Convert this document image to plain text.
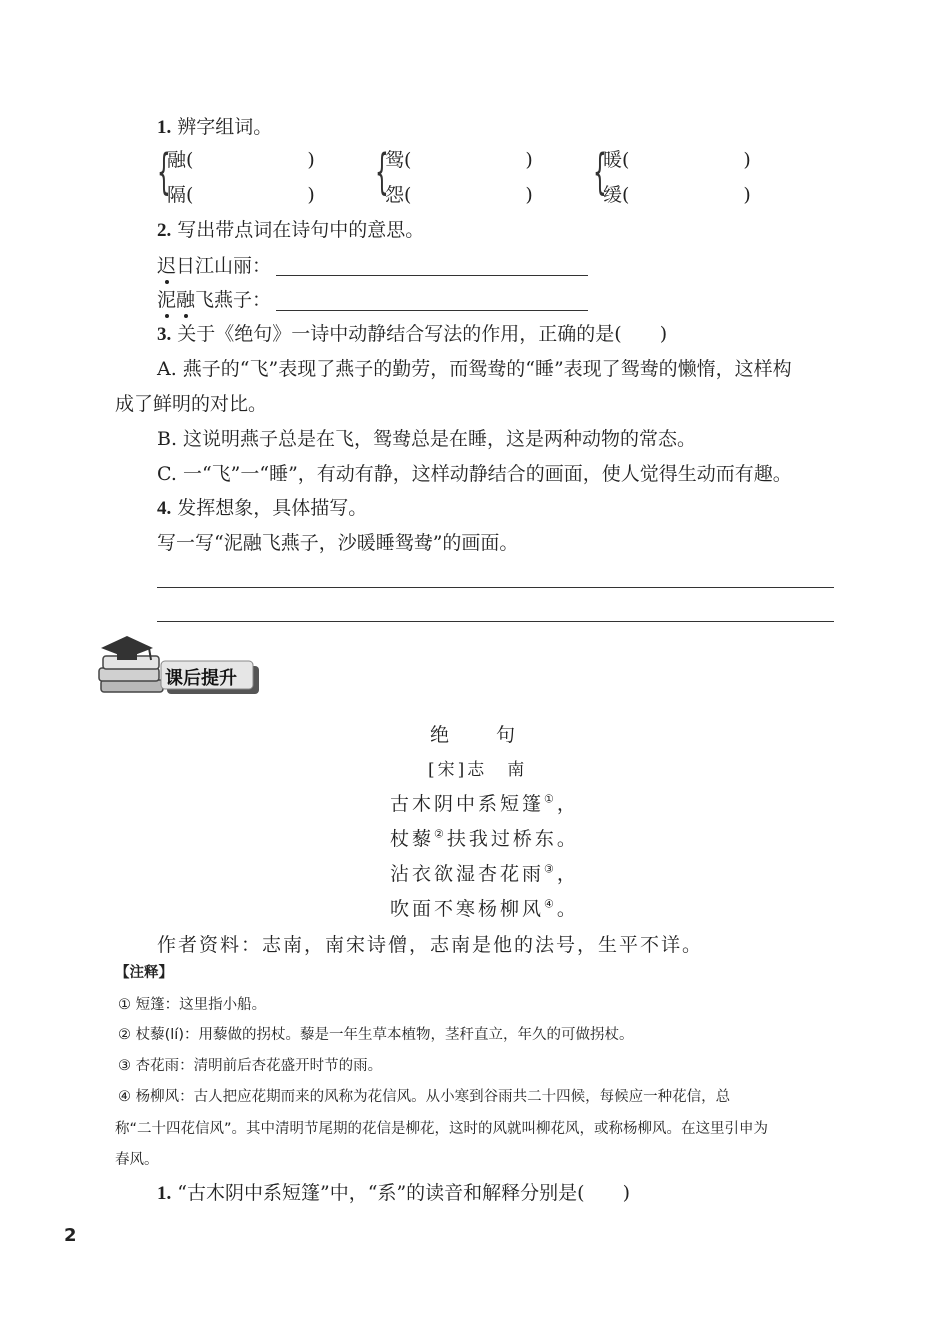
1. 辨字组词。
{	{	{
融(　　　　　　)
隔(　　　　　　)
鸳(　　　　　　)
怨(　　　　　　)
暖(　　　　　　)
缓(　　　　　　)
2. 写出带点词在诗句中的意思。
迟日江山丽：
泥融飞燕子：
3. 关于《绝句》一诗中动静结合写法的作用，正确的是(　　)
A. 燕子的“飞”表现了燕子的勤劳，而鸳鸯的“睡”表现了鸳鸯的懒惰，这样构
成了鲜明的对比。
B. 这说明燕子总是在飞，鸳鸯总是在睡，这是两种动物的常态。
C. 一“飞”一“睡”，有动有静，这样动静结合的画面，使人觉得生动而有趣。
4. 发挥想象，具体描写。
写一写“泥融飞燕子，沙暖睡鸳鸯”的画面。
课后提升
绝　　句
[宋]志　南
古木阴中系短篷①，
杖藜②扶我过桥东。
沾衣欲湿杏花雨③，
吹面不寒杨柳风④。
作者资料：志南，南宋诗僧，志南是他的法号，生平不详。
【注释】
① 短篷：这里指小船。
② 杖藜(lí)：用藜做的拐杖。藜是一年生草本植物，茎秆直立，年久的可做拐杖。
③ 杏花雨：清明前后杏花盛开时节的雨。
④ 杨柳风：古人把应花期而来的风称为花信风。从小寒到谷雨共二十四候，每候应一种花信，总
称“二十四花信风”。其中清明节尾期的花信是柳花，这时的风就叫柳花风，或称杨柳风。在这里引申为
春风。
1. “古木阴中系短篷”中，“系”的读音和解释分别是(　　)
2
